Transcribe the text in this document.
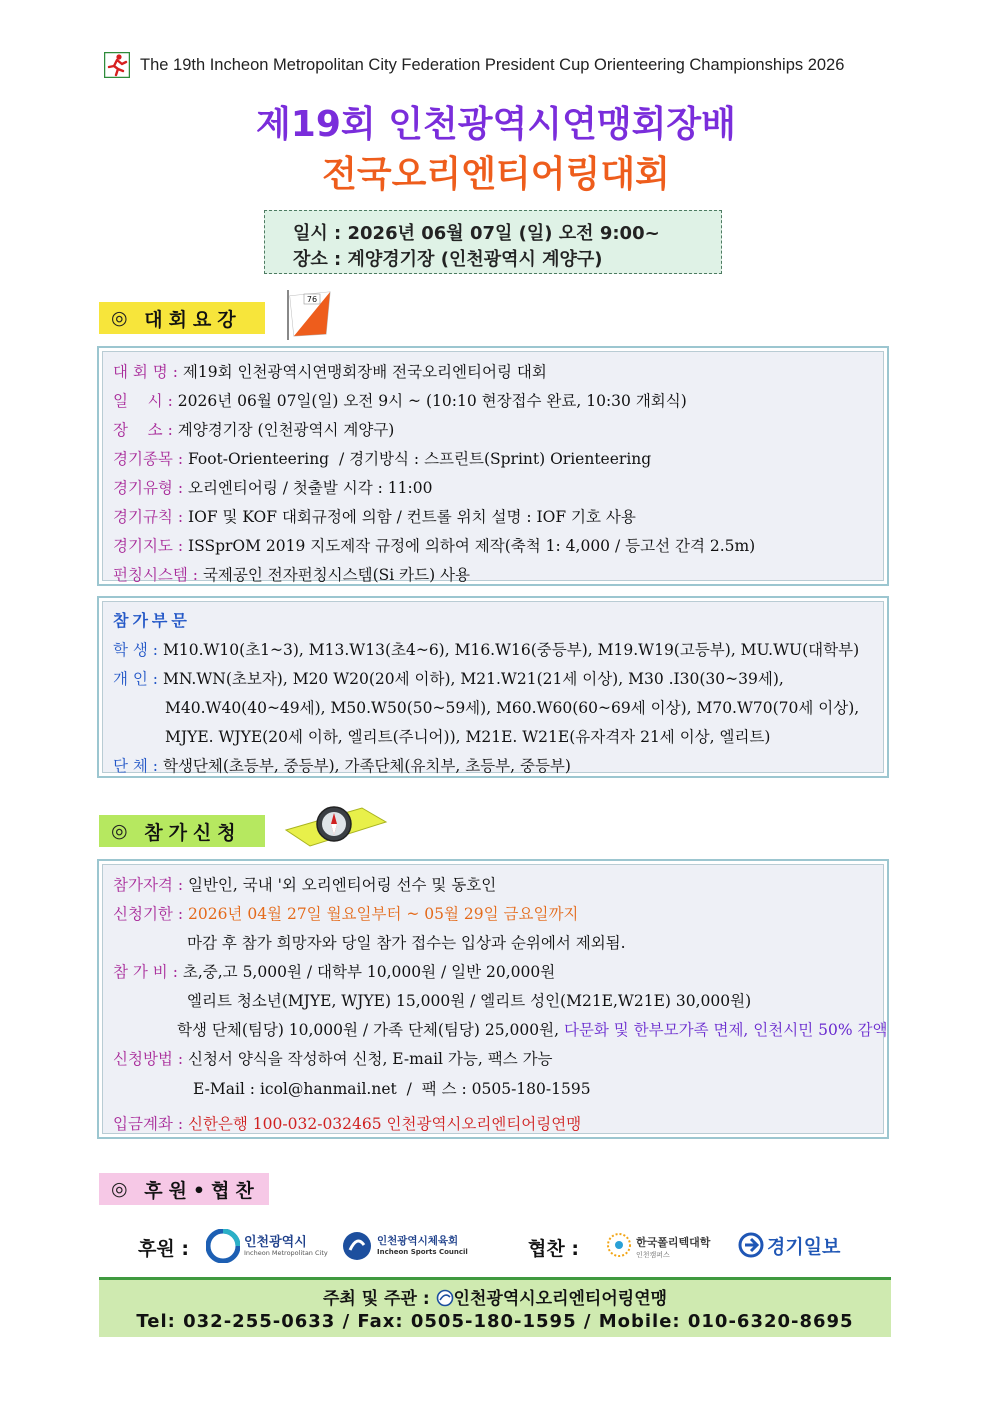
The 19th Incheon Metropolitan City Federation President Cup Orienteering Championships 2026
제19회 인천광역시연맹회장배
전국오리엔티어링대회
일시 : 2026년 06월 07일 (일) 오전 9:00~
장소 : 계양경기장 (인천광역시 계양구)
◎
대회요강
76
대 회 명 : 제19회 인천광역시연맹회장배 전국오리엔티어링 대회
일    시 : 2026년 06월 07일(일) 오전 9시 ~ (10:10 현장접수 완료, 10:30 개회식)
장    소 : 계양경기장 (인천광역시 계양구)
경기종목 : Foot-Orienteering  / 경기방식 : 스프린트(Sprint) Orienteering
경기유형 : 오리엔티어링 / 첫출발 시각 : 11:00
경기규칙 : IOF 및 KOF 대회규정에 의함 / 컨트롤 위치 설명 : IOF 기호 사용
경기지도 : ISSprOM 2019 지도제작 규정에 의하여 제작(축척 1: 4,000 / 등고선 간격 2.5m)
펀칭시스템 : 국제공인 전자펀칭시스템(Si 카드) 사용
참가부문
학 생 : M10.W10(초1~3), M13.W13(초4~6), M16.W16(중등부), M19.W19(고등부), MU.WU(대학부)
개 인 : MN.WN(초보자), M20 W20(20세 이하), M21.W21(21세 이상), M30 .I30(30~39세),
M40.W40(40~49세), M50.W50(50~59세), M60.W60(60~69세 이상), M70.W70(70세 이상),
MJYE. WJYE(20세 이하, 엘리트(주니어)), M21E. W21E(유자격자 21세 이상, 엘리트)
단 체 : 학생단체(초등부, 중등부), 가족단체(유치부, 초등부, 중등부)
◎
참가신청
참가자격 : 일반인, 국내 '외 오리엔티어링 선수 및 동호인
신청기한 : 2026년 04월 27일 월요일부터 ~ 05월 29일 금요일까지
마감 후 참가 희망자와 당일 참가 접수는 입상과 순위에서 제외됨.
참 가 비 : 초,중,고 5,000원 / 대학부 10,000원 / 일반 20,000원
엘리트 청소년(MJYE, WJYE) 15,000원 / 엘리트 성인(M21E,W21E) 30,000원)
학생 단체(팀당) 10,000원 / 가족 단체(팀당) 25,000원, 다문화 및 한부모가족 면제, 인천시민 50% 감액
신청방법 : 신청서 양식을 작성하여 신청, E-mail 가능, 팩스 가능
E-Mail : icol@hanmail.net  /  팩 스 : 0505-180-1595
입금계좌 : 신한은행 100-032-032465 인천광역시오리엔티어링연맹
◎
후원•협찬
후원 :	인천광역시
Incheon Metropolitan City
인천광역시체육회
Incheon Sports Council	협찬 :	한국폴리텍대학
인천캠퍼스	경기일보
주최 및 주관 : 인천광역시오리엔티어링연맹
Tel: 032-255-0633 / Fax: 0505-180-1595 / Mobile: 010-6320-8695
